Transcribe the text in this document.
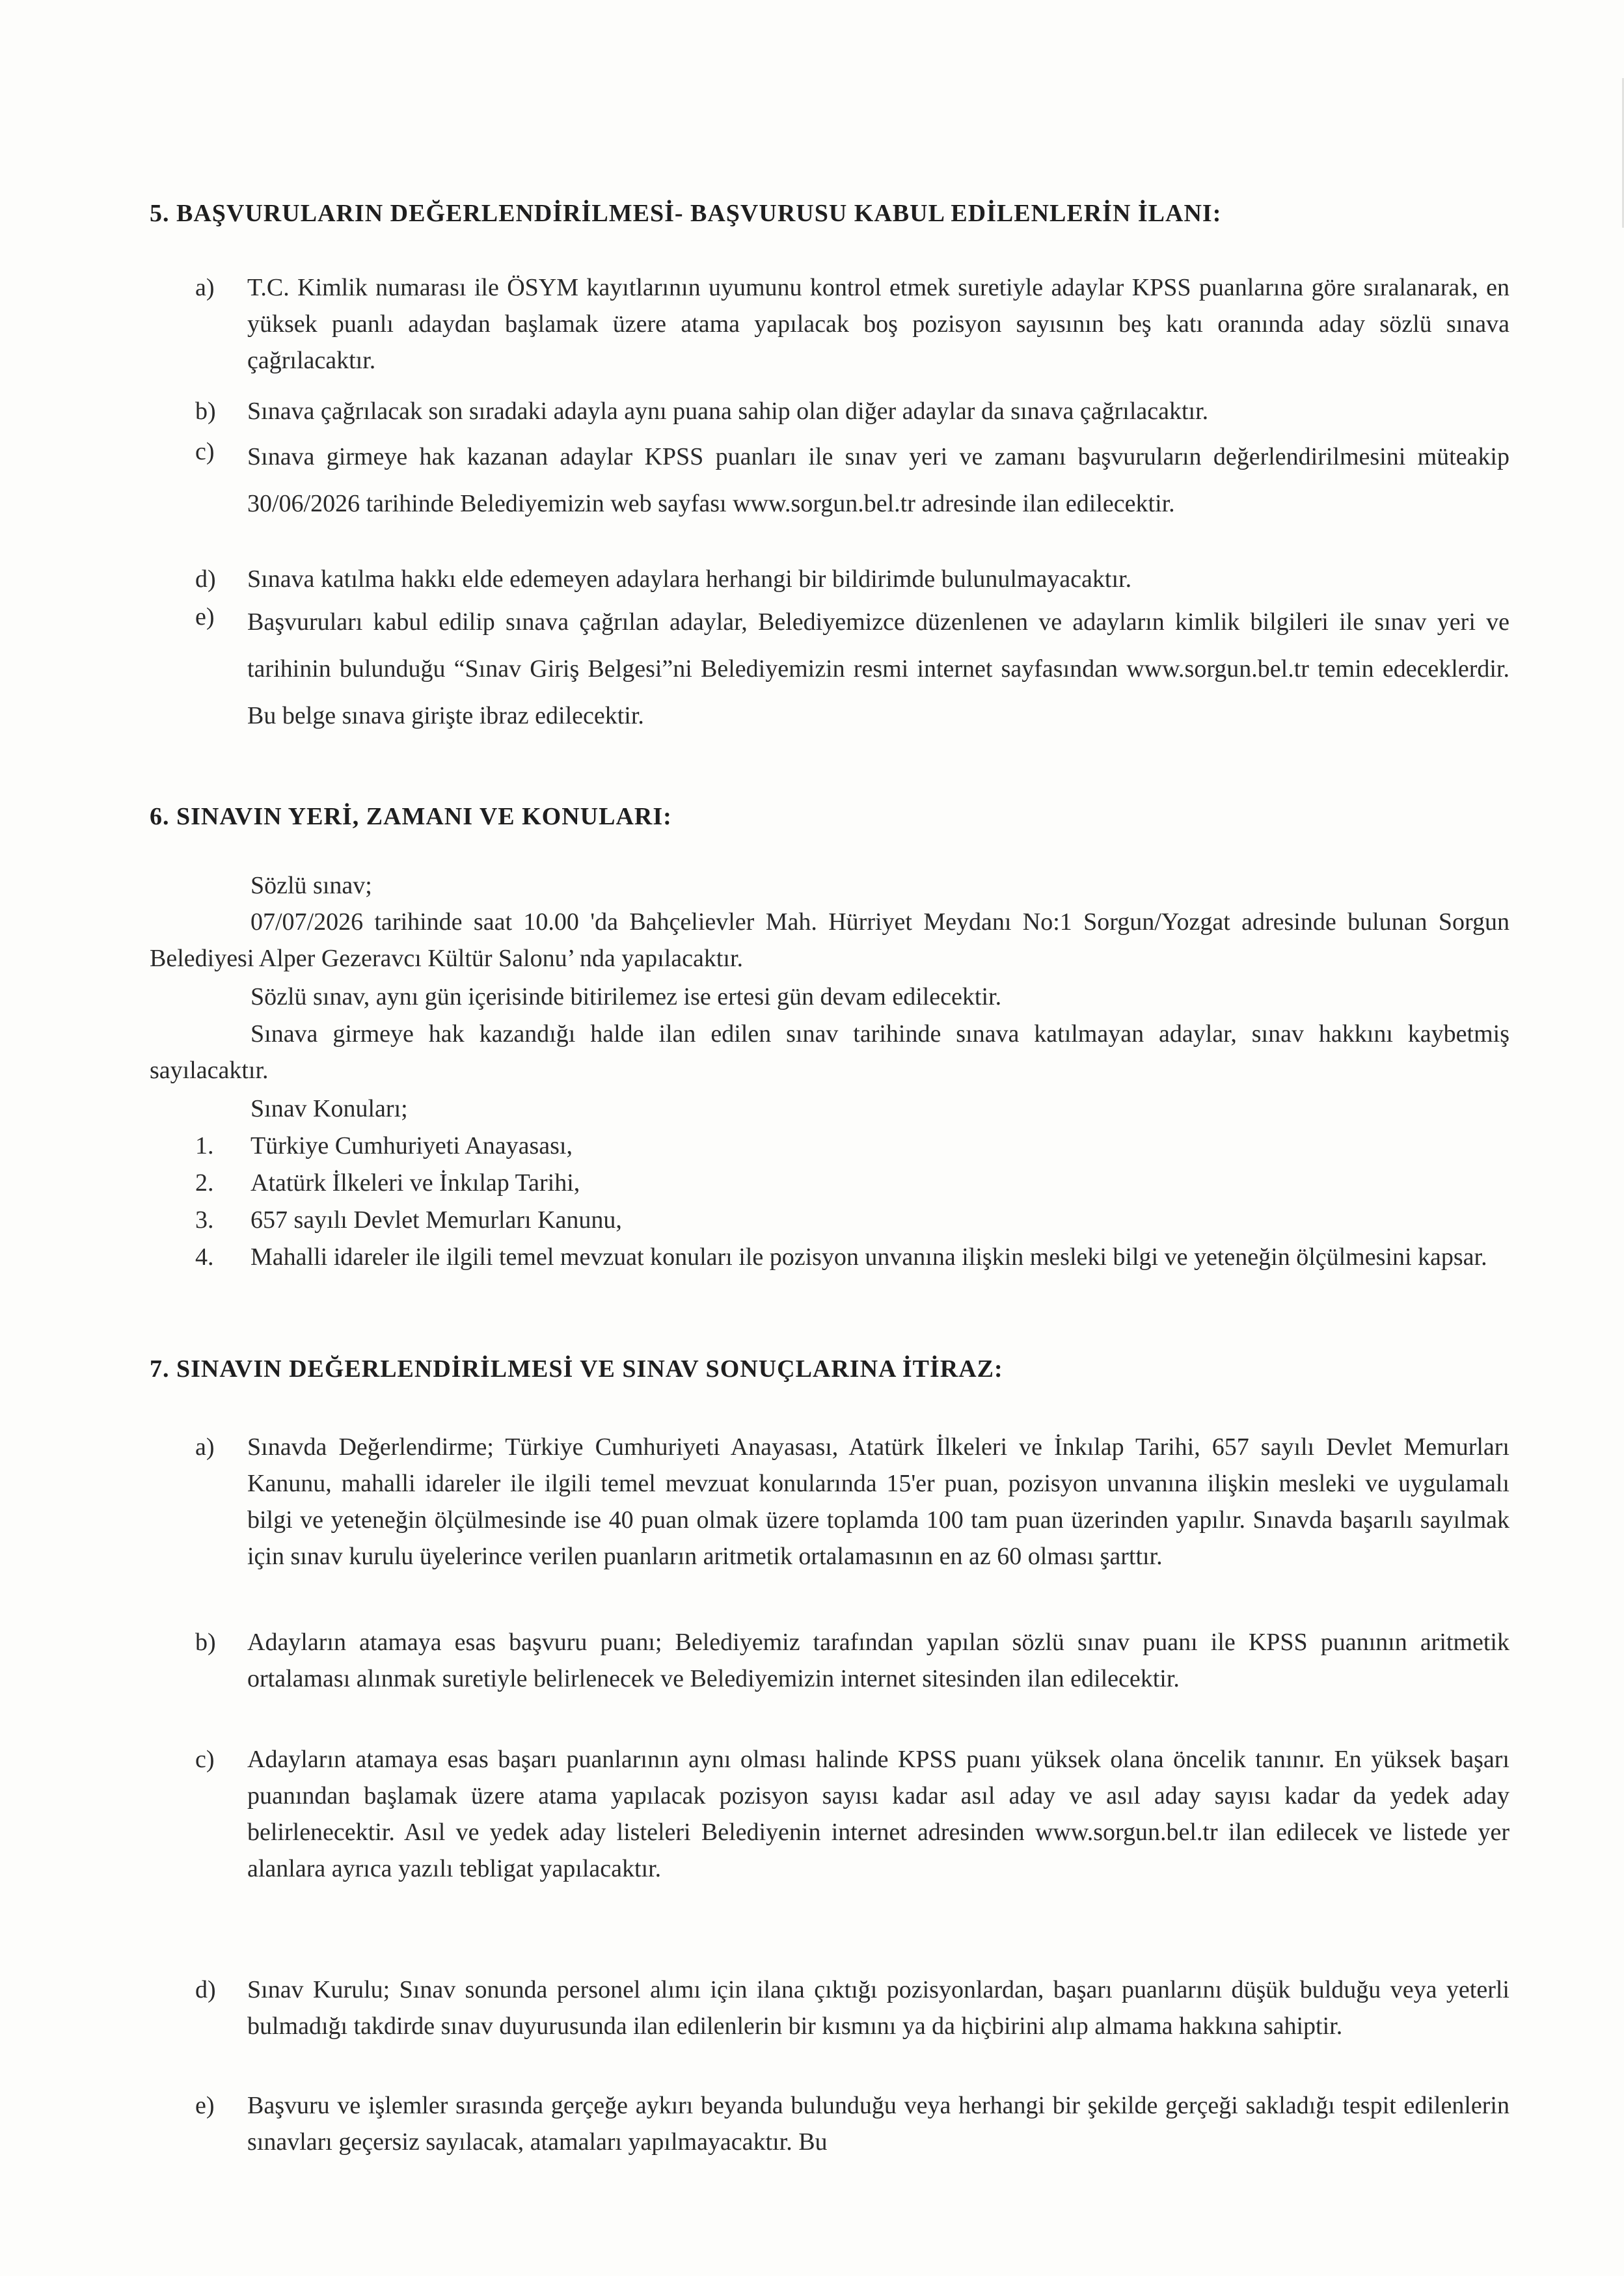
5. BAŞVURULARIN DEĞERLENDİRİLMESİ- BAŞVURUSU KABUL EDİLENLERİN İLANI:
a)	T.C. Kimlik numarası ile ÖSYM kayıtlarının uyumunu kontrol etmek suretiyle adaylar KPSS puanlarına göre sıralanarak, en yüksek puanlı adaydan başlamak üzere atama yapılacak boş pozisyon sayısının beş katı oranında aday sözlü sınava çağrılacaktır.
b)	Sınava çağrılacak son sıradaki adayla aynı puana sahip olan diğer adaylar da sınava çağrılacaktır.
c)	Sınava girmeye hak kazanan adaylar KPSS puanları ile sınav yeri ve zamanı başvuruların değerlendirilmesini müteakip 30/06/2026 tarihinde Belediyemizin web sayfası www.sorgun.bel.tr adresinde ilan edilecektir.
d)	Sınava katılma hakkı elde edemeyen adaylara herhangi bir bildirimde bulunulmayacaktır.
e)	Başvuruları kabul edilip sınava çağrılan adaylar, Belediyemizce düzenlenen ve adayların kimlik bilgileri ile sınav yeri ve tarihinin bulunduğu “Sınav Giriş Belgesi”ni Belediyemizin resmi internet sayfasından www.sorgun.bel.tr temin edeceklerdir. Bu belge sınava girişte ibraz edilecektir.
6. SINAVIN YERİ, ZAMANI VE KONULARI:

Sözlü sınav;

07/07/2026 tarihinde saat 10.00 'da Bahçelievler Mah. Hürriyet Meydanı No:1 Sorgun/Yozgat adresinde bulunan Sorgun Belediyesi Alper Gezeravcı Kültür Salonu’ nda yapılacaktır.

Sözlü sınav, aynı gün içerisinde bitirilemez ise ertesi gün devam edilecektir.

Sınava girmeye hak kazandığı halde ilan edilen sınav tarihinde sınava katılmayan adaylar, sınav hakkını kaybetmiş sayılacaktır.

Sınav Konuları;

1.	Türkiye Cumhuriyeti Anayasası,
2.	Atatürk İlkeleri ve İnkılap Tarihi,
3.	657 sayılı Devlet Memurları Kanunu,
4.	Mahalli idareler ile ilgili temel mevzuat konuları ile pozisyon unvanına ilişkin mesleki bilgi ve yeteneğin ölçülmesini kapsar.
7. SINAVIN DEĞERLENDİRİLMESİ VE SINAV SONUÇLARINA İTİRAZ:
a)	Sınavda Değerlendirme; Türkiye Cumhuriyeti Anayasası, Atatürk İlkeleri ve İnkılap Tarihi, 657 sayılı Devlet Memurları Kanunu, mahalli idareler ile ilgili temel mevzuat konularında 15'er puan, pozisyon unvanına ilişkin mesleki ve uygulamalı bilgi ve yeteneğin ölçülmesinde ise 40 puan olmak üzere toplamda 100 tam puan üzerinden yapılır. Sınavda başarılı sayılmak için sınav kurulu üyelerince verilen puanların aritmetik ortalamasının en az 60 olması şarttır.
b)	Adayların atamaya esas başvuru puanı; Belediyemiz tarafından yapılan sözlü sınav puanı ile KPSS puanının aritmetik ortalaması alınmak suretiyle belirlenecek ve Belediyemizin internet sitesinden ilan edilecektir.
c)	Adayların atamaya esas başarı puanlarının aynı olması halinde KPSS puanı yüksek olana öncelik tanınır. En yüksek başarı puanından başlamak üzere atama yapılacak pozisyon sayısı kadar asıl aday ve asıl aday sayısı kadar da yedek aday belirlenecektir. Asıl ve yedek aday listeleri Belediyenin internet adresinden www.sorgun.bel.tr ilan edilecek ve listede yer alanlara ayrıca yazılı tebligat yapılacaktır.
d)	Sınav Kurulu; Sınav sonunda personel alımı için ilana çıktığı pozisyonlardan, başarı puanlarını düşük bulduğu veya yeterli bulmadığı takdirde sınav duyurusunda ilan edilenlerin bir kısmını ya da hiçbirini alıp almama hakkına sahiptir.
e)	Başvuru ve işlemler sırasında gerçeğe aykırı beyanda bulunduğu veya herhangi bir şekilde gerçeği sakladığı tespit edilenlerin sınavları geçersiz sayılacak, atamaları yapılmayacaktır. Bu
